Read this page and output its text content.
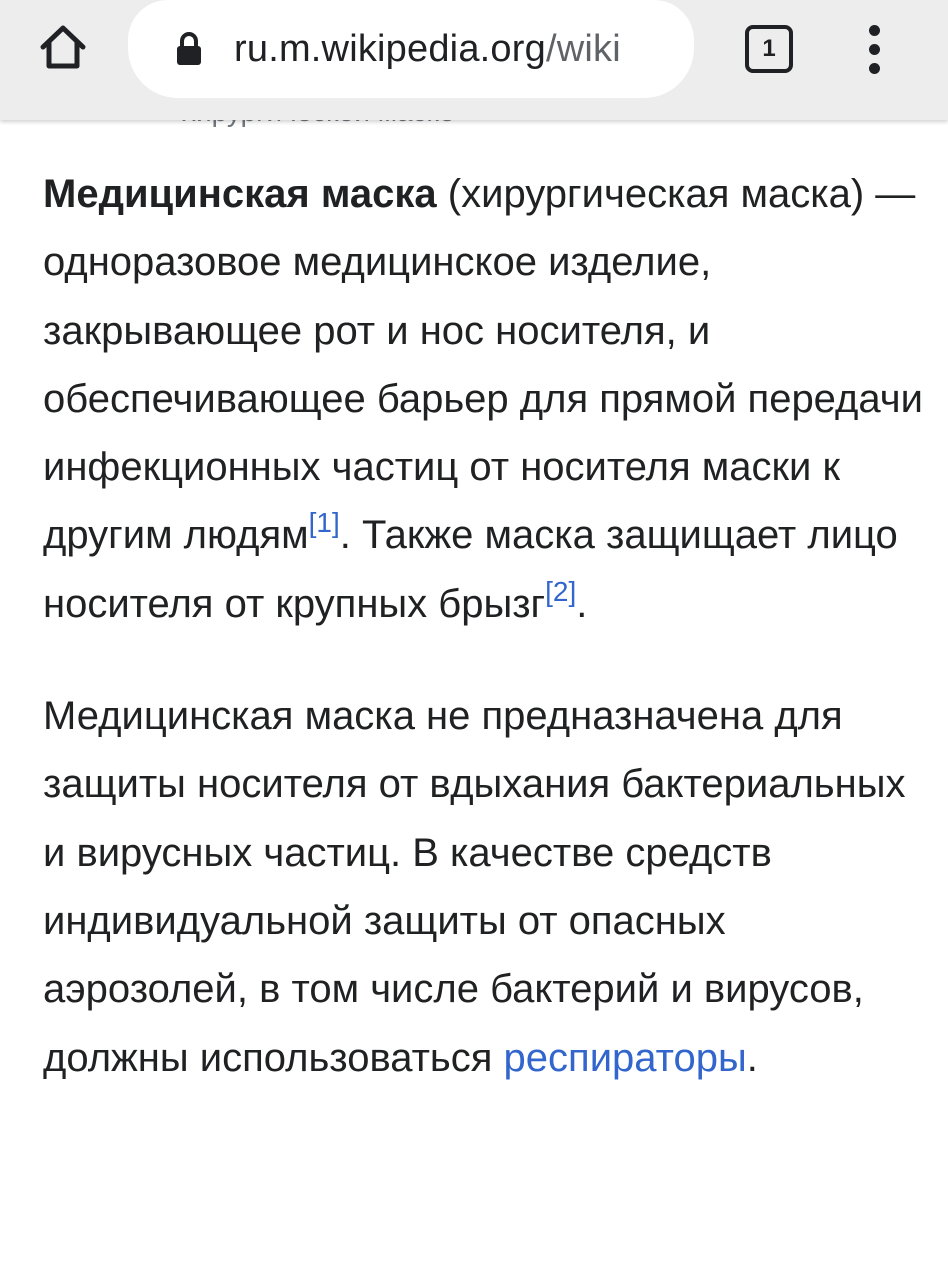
ru.m.wikipedia.org/wiki	1

Медицинская маска (хирургическая маска) — одноразовое медицинское изделие, закрывающее рот и нос носителя, и обеспечивающее барьер для прямой передачи инфекционных частиц от носителя маски к другим людям[1]. Также маска защищает лицо носителя от крупных брызг[2].

Медицинская маска не предназначена для защиты носителя от вдыхания бактериальных и вирусных частиц. В качестве средств индивидуальной защиты от опасных аэрозолей, в том числе бактерий и вирусов, должны использоваться респираторы.
